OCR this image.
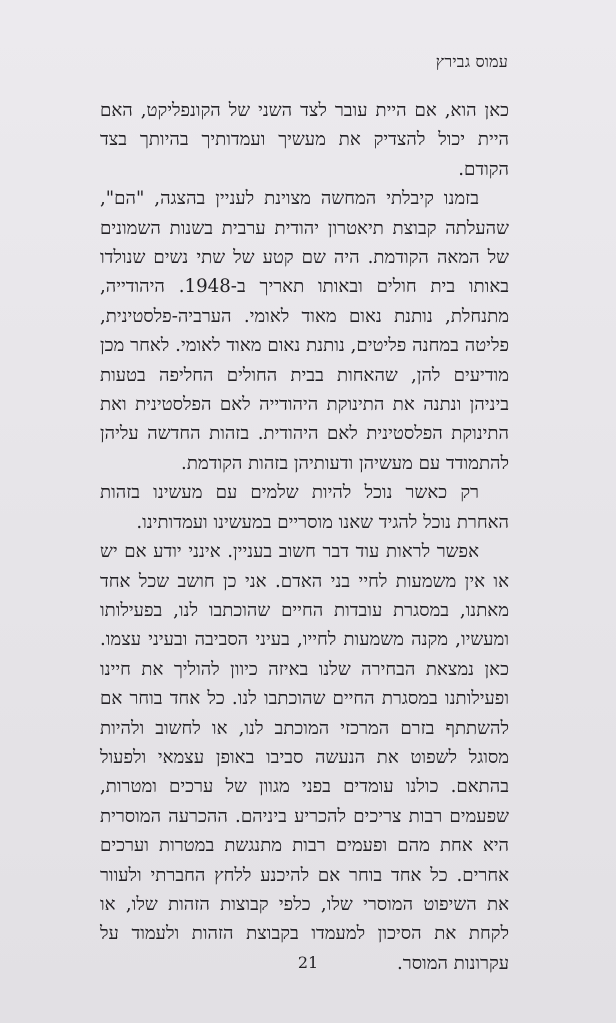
עמוס גבירץ

כאן הוא, אם היית עובר לצד השני של הקונפליקט, האם היית יכול להצדיק את מעשיך ועמדותיך בהיותך בצד הקודם.

בזמנו קיבלתי המחשה מצוינת לעניין בהצגה, "הם", שהעלתה קבוצת תיאטרון יהודית ערבית בשנות השמונים של המאה הקודמת. היה שם קטע של שתי נשים שנולדו באותו בית חולים ובאותו תאריך ב-1948. היהודייה, מתנחלת, נותנת נאום מאוד לאומי. הערביה-פלסטינית, פליטה במחנה פליטים, נותנת נאום מאוד לאומי. לאחר מכן מודיעים להן, שהאחות בבית החולים החליפה בטעות ביניהן ונתנה את התינוקת היהודייה לאם הפלסטינית ואת התינוקת הפלסטינית לאם היהודית. בזהות החדשה עליהן להתמודד עם מעשיהן ודעותיהן בזהות הקודמת.

רק כאשר נוכל להיות שלמים עם מעשינו בזהות האחרת נוכל להגיד שאנו מוסריים במעשינו ועמדותינו.

אפשר לראות עוד דבר חשוב בעניין. אינני יודע אם יש או אין משמעות לחיי בני האדם. אני כן חושב שכל אחד מאתנו, במסגרת עובדות החיים שהוכתבו לנו, בפעילותו ומעשיו, מקנה משמעות לחייו, בעיני הסביבה ובעיני עצמו. כאן נמצאת הבחירה שלנו באיזה כיוון להוליך את חיינו ופעילותנו במסגרת החיים שהוכתבו לנו. כל אחד בוחר אם להשתתף בזרם המרכזי המוכתב לנו, או לחשוב ולהיות מסוגל לשפוט את הנעשה סביבו באופן עצמאי ולפעול בהתאם. כולנו עומדים בפני מגוון של ערכים ומטרות, שפעמים רבות צריכים להכריע ביניהם. ההכרעה המוסרית היא אחת מהם ופעמים רבות מתנגשת במטרות וערכים אחרים. כל אחד בוחר אם להיכנע ללחץ החברתי ולעוור את השיפוט המוסרי שלו, כלפי קבוצות הזהות שלו, או לקחת את הסיכון למעמדו בקבוצת הזהות ולעמוד על עקרונות המוסר.

21
